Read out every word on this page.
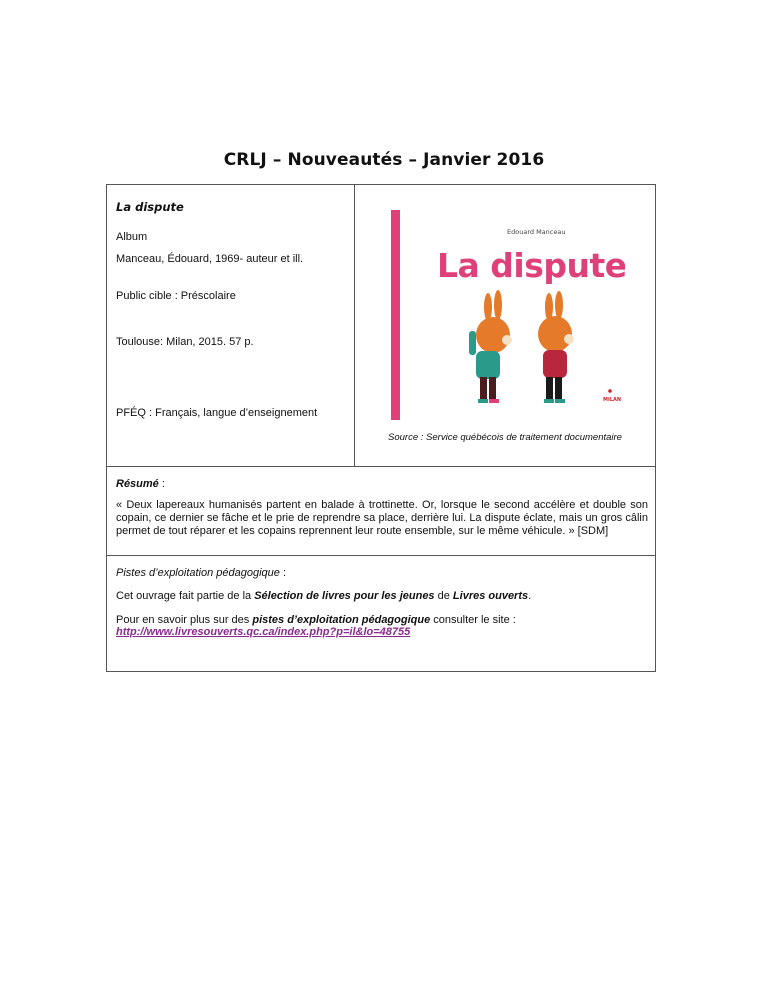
CRLJ – Nouveautés – Janvier 2016
La dispute
Album
Manceau, Édouard, 1969- auteur et ill.
Public cible : Préscolaire
Toulouse: Milan, 2015. 57 p.
PFÉQ : Français, langue d’enseignement
Edouard Manceau
La dispute
MILAN
Source : Service québécois de traitement documentaire
Résumé :
« Deux lapereaux humanisés partent en balade à trottinette. Or, lorsque le second accélère et double son copain, ce dernier se fâche et le prie de reprendre sa place, derrière lui. La dispute éclate, mais un gros câlin permet de tout réparer et les copains reprennent leur route ensemble, sur le même véhicule. » [SDM]
Pistes d’exploitation pédagogique :
Cet ouvrage fait partie de la Sélection de livres pour les jeunes de Livres ouverts.
Pour en savoir plus sur des pistes d’exploitation pédagogique consulter le site :
http://www.livresouverts.qc.ca/index.php?p=il&lo=48755
